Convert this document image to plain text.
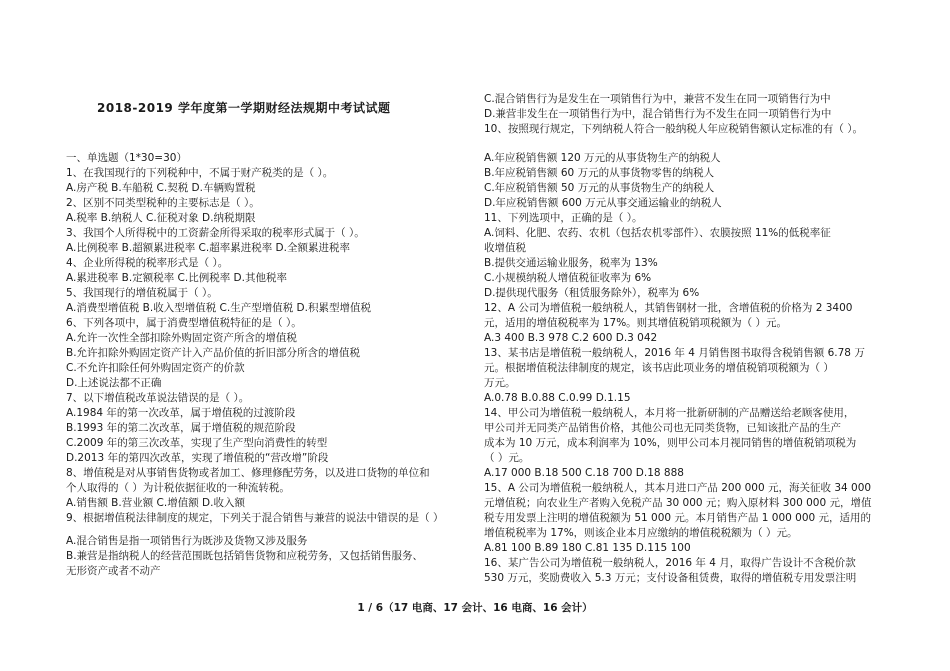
2018-2019 学年度第一学期财经法规期中考试试题
一、单选题（1*30=30）
1、在我国现行的下列税种中，不属于财产税类的是（ ）。
A.房产税 B.车船税 C.契税 D.车辆购置税
2、区别不同类型税种的主要标志是（ ）。
A.税率 B.纳税人 C.征税对象 D.纳税期限
3、我国个人所得税中的工资薪金所得采取的税率形式属于（ ）。
A.比例税率 B.超额累进税率 C.超率累进税率 D.全额累进税率
4、企业所得税的税率形式是（ ）。
A.累进税率 B.定额税率 C.比例税率 D.其他税率
5、我国现行的增值税属于（ ）。
A.消费型增值税 B.收入型增值税 C.生产型增值税 D.积累型增值税
6、下列各项中，属于消费型增值税特征的是（ ）。
A.允许一次性全部扣除外购固定资产所含的增值税
B.允许扣除外购固定资产计入产品价值的折旧部分所含的增值税
C.不允许扣除任何外购固定资产的价款
D.上述说法都不正确
7、以下增值税改革说法错误的是（ ）。
A.1984 年的第一次改革，属于增值税的过渡阶段
B.1993 年的第二次改革，属于增值税的规范阶段
C.2009 年的第三次改革，实现了生产型向消费性的转型
D.2013 年的第四次改革，实现了增值税的“营改增”阶段
8、增值税是对从事销售货物或者加工、修理修配劳务，以及进口货物的单位和
个人取得的（ ）为计税依据征收的一种流转税。
A.销售额 B.营业额 C.增值额 D.收入额
9、根据增值税法律制度的规定，下列关于混合销售与兼营的说法中错误的是（ ）
A.混合销售是指一项销售行为既涉及货物又涉及服务
B.兼营是指纳税人的经营范围既包括销售货物和应税劳务，又包括销售服务、
无形资产或者不动产
C.混合销售行为是发生在一项销售行为中，兼营不发生在同一项销售行为中
D.兼营非发生在一项销售行为中，混合销售行为不发生在同一项销售行为中
10、按照现行规定，下列纳税人符合一般纳税人年应税销售额认定标准的有（ ）。
A.年应税销售额 120 万元的从事货物生产的纳税人
B.年应税销售额 60 万元的从事货物零售的纳税人
C.年应税销售额 50 万元的从事货物生产的纳税人
D.年应税销售额 600 万元从事交通运输业的纳税人
11、下列选项中，正确的是（ ）。
A.饲料、化肥、农药、农机（包括农机零部件）、农膜按照 11%的低税率征
收增值税
B.提供交通运输业服务，税率为 13%
C.小规模纳税人增值税征收率为 6%
D.提供现代服务（租赁服务除外），税率为 6%
12、A 公司为增值税一般纳税人，其销售钢材一批，含增值税的价格为 2 3400
元，适用的增值税税率为 17%。则其增值税销项税额为（ ）元。
A.3 400 B.3 978 C.2 600 D.3 042
13、某书店是增值税一般纳税人，2016 年 4 月销售图书取得含税销售额 6.78 万
元。根据增值税法律制度的规定，该书店此项业务的增值税销项税额为（ ）
万元。
A.0.78 B.0.88 C.0.99 D.1.15
14、甲公司为增值税一般纳税人，本月将一批新研制的产品赠送给老顾客使用，
甲公司并无同类产品销售价格，其他公司也无同类货物，已知该批产品的生产
成本为 10 万元，成本利润率为 10%，则甲公司本月视同销售的增值税销项税为
（ ）元。
A.17 000 B.18 500 C.18 700 D.18 888
15、A 公司为增值税一般纳税人，其本月进口产品 200 000 元，海关征收 34 000
元增值税；向农业生产者购入免税产品 30 000 元；购入原材料 300 000 元，增值
税专用发票上注明的增值税额为 51 000 元。本月销售产品 1 000 000 元，适用的
增值税税率为 17%，则该企业本月应缴纳的增值税税额为（ ）元。
A.81 100 B.89 180 C.81 135 D.115 100
16、某广告公司为增值税一般纳税人，2016 年 4 月，取得广告设计不含税价款
530 万元，奖励费收入 5.3 万元；支付设备租赁费，取得的增值税专用发票注明
1 / 6（17 电商、17 会计、16 电商、16 会计）
